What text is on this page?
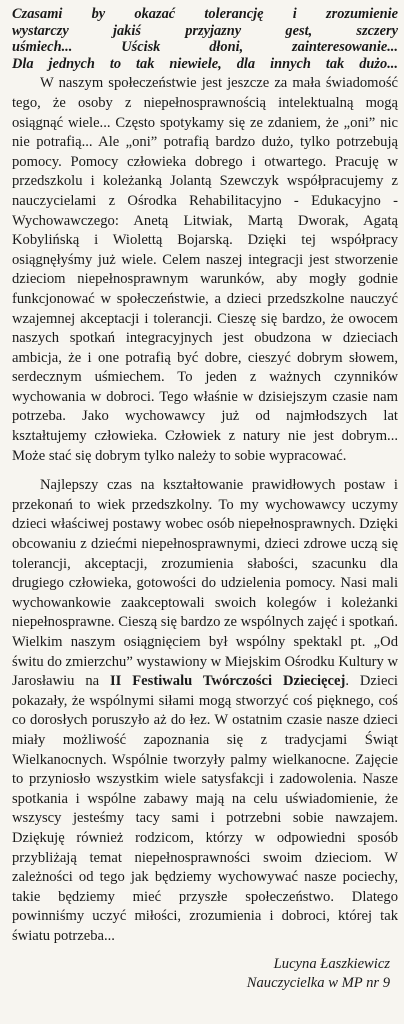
Czasami by okazać tolerancję i zrozumienie
wystarczy jakiś przyjazny gest, szczery
uśmiech... Uścisk dłoni, zainteresowanie...
Dla jednych to tak niewiele, dla innych tak dużo...

W naszym społeczeństwie jest jeszcze za mała świadomość tego, że osoby z niepełnosprawnością intelektualną mogą osiągnąć wiele... Często spotykamy się ze zdaniem, że „oni” nic nie potrafią... Ale „oni” potrafią bardzo dużo, tylko potrzebują pomocy. Pomocy człowieka dobrego i otwartego. Pracuję w przedszkolu i koleżanką Jolantą Szewczyk współpracujemy z nauczycielami z Ośrodka Rehabilitacyjno - Edukacyjno - Wychowawczego: Anetą Litwiak, Martą Dworak, Agatą Kobylińską i Wiolettą Bojarską. Dzięki tej współpracy osiągnęłyśmy już wiele. Celem naszej integracji jest stworzenie dzieciom niepełnosprawnym warunków, aby mogły godnie funkcjonować w społeczeństwie, a dzieci przedszkolne nauczyć wzajemnej akceptacji i tolerancji. Cieszę się bardzo, że owocem naszych spotkań integracyjnych jest obudzona w dzieciach ambicja, że i one potrafią być dobre, cieszyć dobrym słowem, serdecznym uśmiechem. To jeden z ważnych czynników wychowania w dobroci. Tego właśnie w dzisiejszym czasie nam potrzeba. Jako wychowawcy już od najmłodszych lat kształtujemy człowieka. Człowiek z natury nie jest dobrym... Może stać się dobrym tylko należy to sobie wypracować.

Najlepszy czas na kształtowanie prawidłowych postaw i przekonań to wiek przedszkolny. To my wychowawcy uczymy dzieci właściwej postawy wobec osób niepełnosprawnych. Dzięki obcowaniu z dziećmi niepełnosprawnymi, dzieci zdrowe uczą się tolerancji, akceptacji, zrozumienia słabości, szacunku dla drugiego człowieka, gotowości do udzielenia pomocy. Nasi mali wychowankowie zaakceptowali swoich kolegów i koleżanki niepełnosprawne. Cieszą się bardzo ze wspólnych zajęć i spotkań. Wielkim naszym osiągnięciem był wspólny spektakl pt. „Od świtu do zmierzchu” wystawiony w Miejskim Ośrodku Kultury w Jarosławiu na II Festiwalu Twórczości Dziecięcej. Dzieci pokazały, że wspólnymi siłami mogą stworzyć coś pięknego, coś co dorosłych poruszyło aż do łez. W ostatnim czasie nasze dzieci miały możliwość zapoznania się z tradycjami Świąt Wielkanocnych. Wspólnie tworzyły palmy wielkanocne. Zajęcie to przyniosło wszystkim wiele satysfakcji i zadowolenia. Nasze spotkania i wspólne zabawy mają na celu uświadomienie, że wszyscy jesteśmy tacy sami i potrzebni sobie nawzajem. Dziękuję również rodzicom, którzy w odpowiedni sposób przybliżają temat niepełnosprawności swoim dzieciom. W zależności od tego jak będziemy wychowywać nasze pociechy, takie będziemy mieć przyszłe społeczeństwo. Dlatego powinniśmy uczyć miłości, zrozumienia i dobroci, której tak światu potrzeba...

Lucyna Łaszkiewicz
Nauczycielka w MP nr 9
